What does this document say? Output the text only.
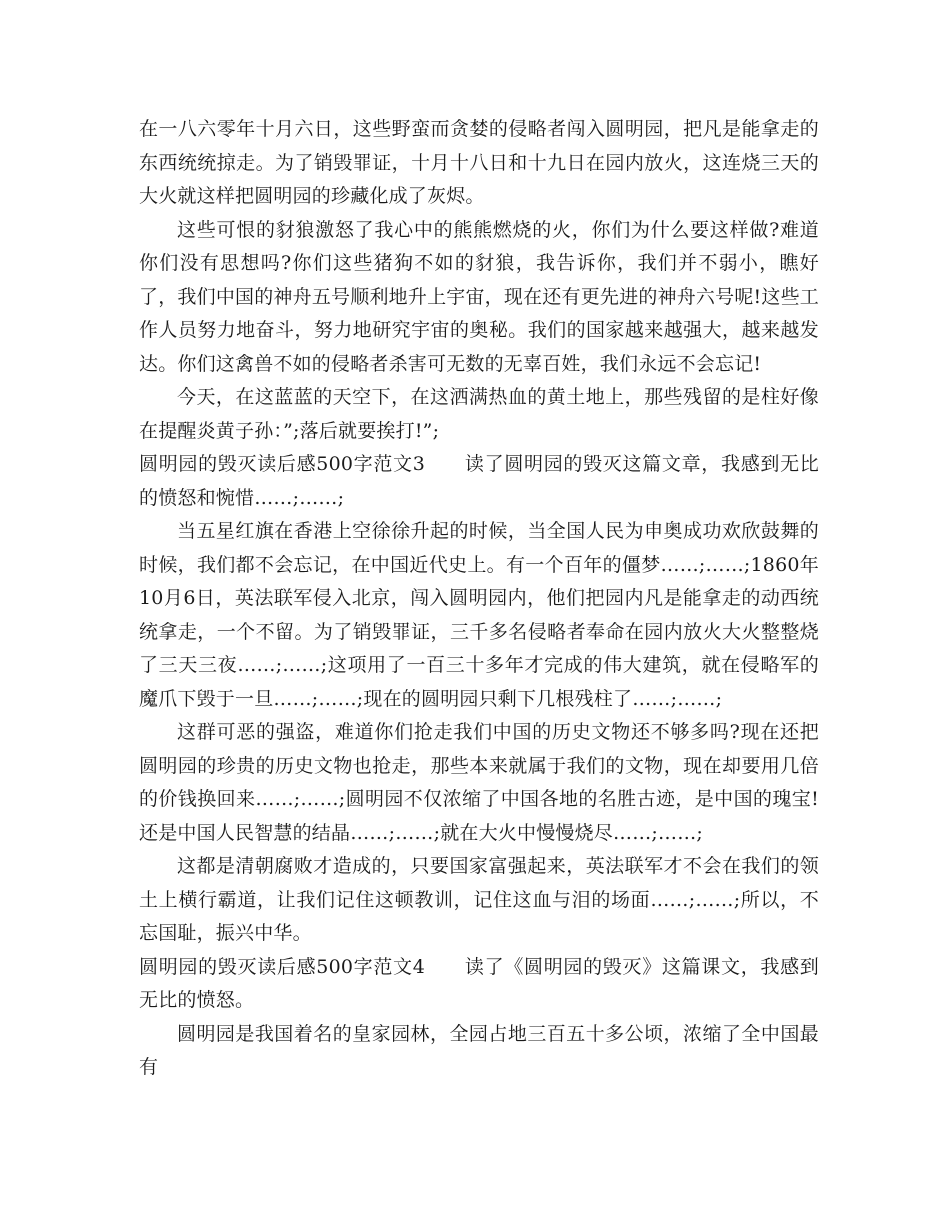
在一八六零年十月六日，这些野蛮而贪婪的侵略者闯入圆明园，把凡是能拿走的东西统统掠走。为了销毁罪证，十月十八日和十九日在园内放火，这连烧三天的大火就这样把圆明园的珍藏化成了灰烬。

这些可恨的豺狼激怒了我心中的熊熊燃烧的火，你们为什么要这样做?难道你们没有思想吗?你们这些猪狗不如的豺狼，我告诉你，我们并不弱小，瞧好了，我们中国的神舟五号顺利地升上宇宙，现在还有更先进的神舟六号呢!这些工作人员努力地奋斗，努力地研究宇宙的奥秘。我们的国家越来越强大，越来越发达。你们这禽兽不如的侵略者杀害可无数的无辜百姓，我们永远不会忘记!

今天，在这蓝蓝的天空下，在这洒满热血的黄土地上，那些残留的是柱好像在提醒炎黄子孙：”;落后就要挨打!”;

圆明园的毁灭读后感500字范文3　　读了圆明园的毁灭这篇文章，我感到无比的愤怒和惋惜……;……;

当五星红旗在香港上空徐徐升起的时候，当全国人民为申奥成功欢欣鼓舞的时候，我们都不会忘记，在中国近代史上。有一个百年的僵梦……;……;1860年10月6日，英法联军侵入北京，闯入圆明园内，他们把园内凡是能拿走的动西统统拿走，一个不留。为了销毁罪证，三千多名侵略者奉命在园内放火大火整整烧了三天三夜……;……;这项用了一百三十多年才完成的伟大建筑，就在侵略军的魔爪下毁于一旦……;……;现在的圆明园只剩下几根残柱了……;……;

这群可恶的强盗，难道你们抢走我们中国的历史文物还不够多吗?现在还把圆明园的珍贵的历史文物也抢走，那些本来就属于我们的文物，现在却要用几倍的价钱换回来……;……;圆明园不仅浓缩了中国各地的名胜古迹，是中国的瑰宝!还是中国人民智慧的结晶……;……;就在大火中慢慢烧尽……;……;

这都是清朝腐败才造成的，只要国家富强起来，英法联军才不会在我们的领土上横行霸道，让我们记住这顿教训，记住这血与泪的场面……;……;所以，不忘国耻，振兴中华。

圆明园的毁灭读后感500字范文4　　读了《圆明园的毁灭》这篇课文，我感到无比的愤怒。

圆明园是我国着名的皇家园林，全园占地三百五十多公顷，浓缩了全中国最有
